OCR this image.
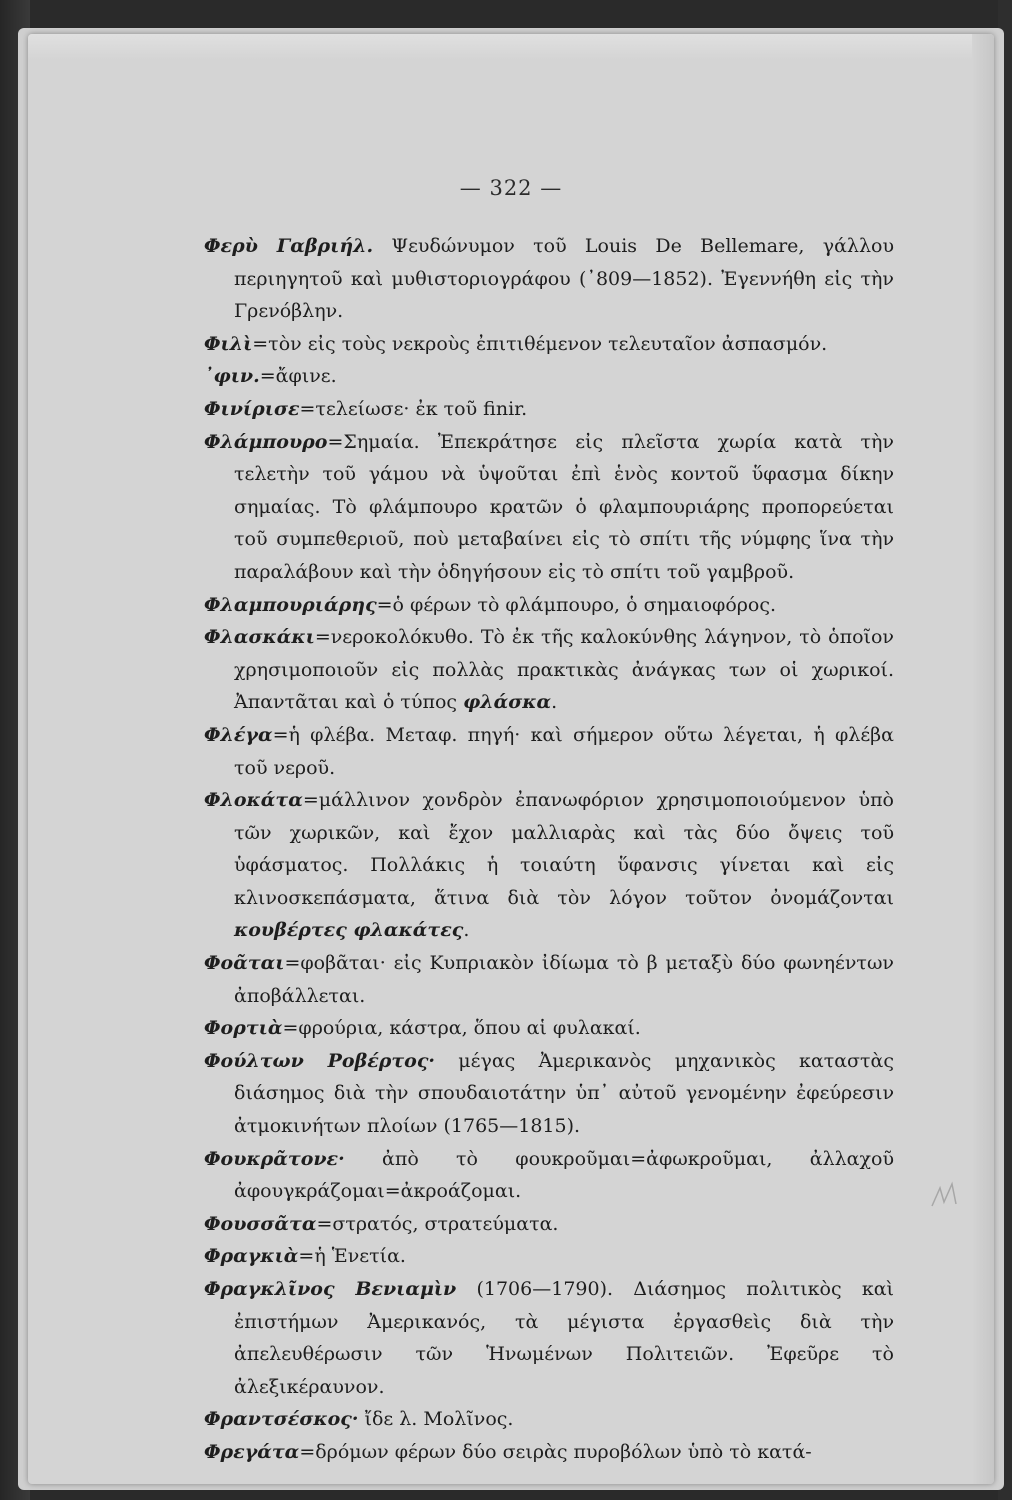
— 322 —

Φερὺ Γαβριήλ. Ψευδώνυμον τοῦ Louis De Bellemare, γάλλου περιηγητοῦ καὶ μυθιστοριογράφου (᾿809—1852). Ἐγεννήθη εἰς τὴν Γρενόβλην.

Φιλὶ=τὸν εἰς τοὺς νεκροὺς ἐπιτιθέμενον τελευταῖον ἀσπασμόν.

᾿φιν.=ἄφινε.

Φινίρισε=τελείωσε· ἐκ τοῦ finir.

Φλάμπουρο=Σημαία. Ἐπεκράτησε εἰς πλεῖστα χωρία κατὰ τὴν τελετὴν τοῦ γάμου νὰ ὑψοῦται ἐπὶ ἑνὸς κοντοῦ ὕφασμα δίκην σημαίας. Τὸ φλάμπουρο κρατῶν ὁ φλαμπουριάρης προπορεύεται τοῦ συμπεθεριοῦ, ποὺ μεταβαίνει εἰς τὸ σπίτι τῆς νύμφης ἵνα τὴν παραλάβουν καὶ τὴν ὁδηγήσουν εἰς τὸ σπίτι τοῦ γαμβροῦ.

Φλαμπουριάρης=ὁ φέρων τὸ φλάμπουρο, ὁ σημαιοφόρος.

Φλασκάκι=νεροκολόκυθο. Τὸ ἐκ τῆς καλοκύνθης λάγηνον, τὸ ὁποῖον χρησιμοποιοῦν εἰς πολλὰς πρακτικὰς ἀνάγκας των οἱ χωρικοί. Ἀπαντᾶται καὶ ὁ τύπος φλάσκα.

Φλέγα=ἡ φλέβα. Μεταφ. πηγή· καὶ σήμερον οὕτω λέγεται, ἡ φλέβα τοῦ νεροῦ.

Φλοκάτα=μάλλινον χονδρὸν ἐπανωφόριον χρησιμοποιούμενον ὑπὸ τῶν χωρικῶν, καὶ ἔχον μαλλιαρὰς καὶ τὰς δύο ὄψεις τοῦ ὑφάσματος. Πολλάκις ἡ τοιαύτη ὕφανσις γίνεται καὶ εἰς κλινοσκεπάσματα, ἅτινα διὰ τὸν λόγον τοῦτον ὀνομάζονται κουβέρτες φλακάτες.

Φοᾶται=φοβᾶται· εἰς Κυπριακὸν ἰδίωμα τὸ β μεταξὺ δύο φωνηέντων ἀποβάλλεται.

Φορτιὰ=φρούρια, κάστρα, ὅπου αἱ φυλακαί.

Φούλτων Ροβέρτος· μέγας Ἀμερικανὸς μηχανικὸς καταστὰς διάσημος διὰ τὴν σπουδαιοτάτην ὑπ᾿ αὐτοῦ γενομένην ἐφεύρεσιν ἀτμοκινήτων πλοίων (1765—1815).

Φουκρᾶτονε· ἀπὸ τὸ φουκροῦμαι=ἀφωκροῦμαι, ἀλλαχοῦ ἀφουγκράζομαι=ἀκροάζομαι.

Φουσσᾶτα=στρατός, στρατεύματα.

Φραγκιὰ=ἡ Ἑνετία.

Φραγκλῖνος Βενιαμὶν (1706—1790). Διάσημος πολιτικὸς καὶ ἐπιστήμων Ἀμερικανός, τὰ μέγιστα ἐργασθεὶς διὰ τὴν ἀπελευθέρωσιν τῶν Ἡνωμένων Πολιτειῶν. Ἐφεῦρε τὸ ἀλεξικέραυνον.

Φραντσέσκος· ἴδε λ. Μολῖνος.

Φρεγάτα=δρόμων φέρων δύο σειρὰς πυροβόλων ὑπὸ τὸ κατά-
